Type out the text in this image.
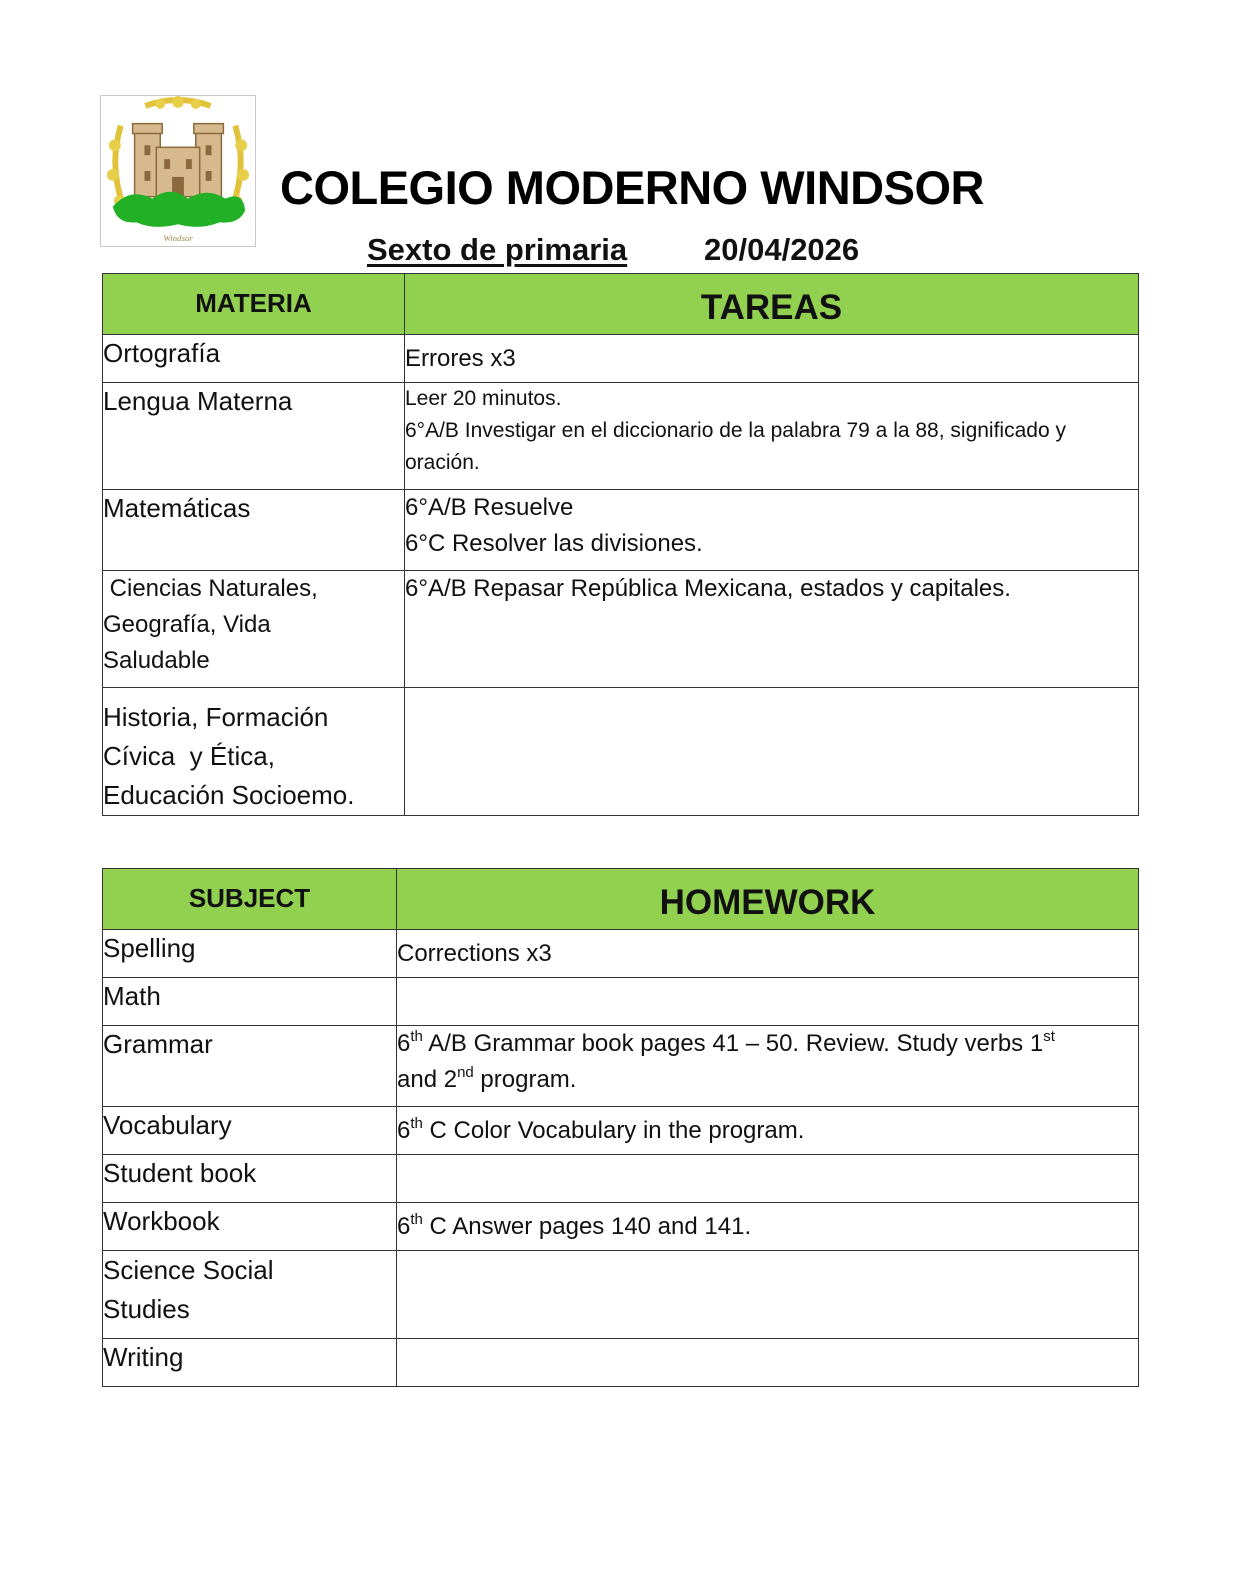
Windsor
COLEGIO MODERNO WINDSOR
Sexto de primaria 20/04/2026
MATERIA	TAREAS

Ortografía	Errores x3

Lengua Materna	Leer 20 minutos.
6°A/B Investigar en el diccionario de la palabra 79 a la 88, significado y oración.

Matemáticas	6°A/B Resuelve
6°C Resolver las divisiones.

Ciencias Naturales,
Geografía, Vida
Saludable	6°A/B Repasar República Mexicana, estados y capitales.

Historia, Formación
Cívica  y Ética,
Educación Socioemo.	

SUBJECT	HOMEWORK

Spelling	Corrections x3

Math	

Grammar	6th A/B Grammar book pages 41 – 50. Review. Study verbs 1st
and 2nd program.

Vocabulary	6th C Color Vocabulary in the program.

Student book	

Workbook	6th C Answer pages 140 and 141.

Science Social
Studies	

Writing	
